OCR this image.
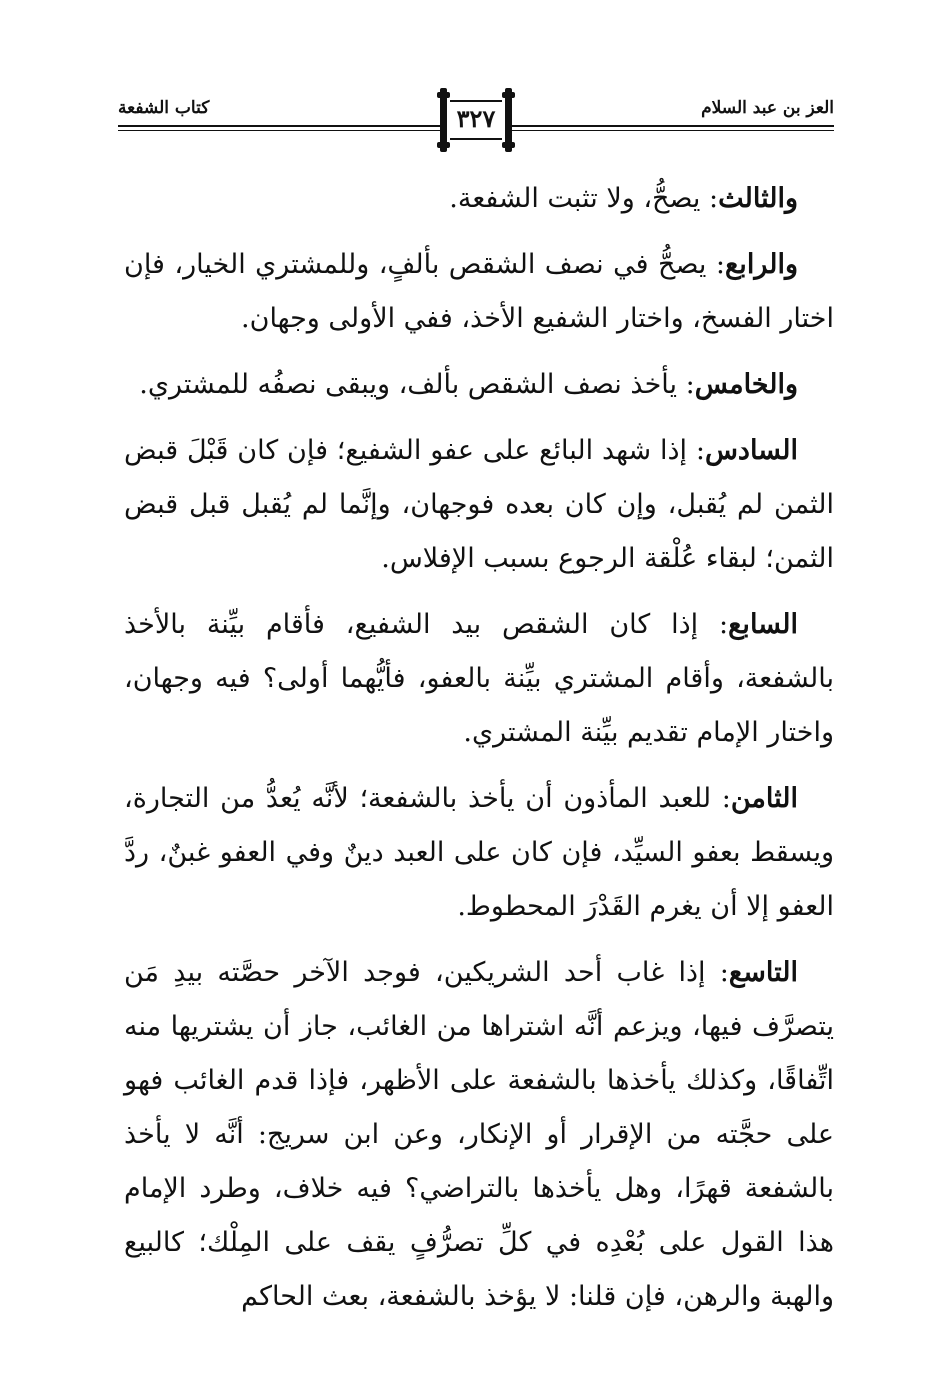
العز بن عبد السلام
كتاب الشفعة	٣٢٧

والثالث: يصحُّ، ولا تثبت الشفعة.

والرابع: يصحُّ في نصف الشقص بألفٍ، وللمشتري الخيار، فإن اختار الفسخ، واختار الشفيع الأخذ، ففي الأولى وجهان.

والخامس: يأخذ نصف الشقص بألف، ويبقى نصفُه للمشتري.

السادس: إذا شهد البائع على عفو الشفيع؛ فإن كان قَبْلَ قبض الثمن لم يُقبل، وإن كان بعده فوجهان، وإنَّما لم يُقبل قبل قبض الثمن؛ لبقاء عُلْقة الرجوع بسبب الإفلاس.

السابع: إذا كان الشقص بيد الشفيع، فأقام بيِّنة بالأخذ بالشفعة، وأقام المشتري بيِّنة بالعفو، فأيُّهما أولى؟ فيه وجهان، واختار الإمام تقديم بيِّنة المشتري.

الثامن: للعبد المأذون أن يأخذ بالشفعة؛ لأنَّه يُعدُّ من التجارة، ويسقط بعفو السيِّد، فإن كان على العبد دينٌ وفي العفو غبنٌ، ردَّ العفو إلا أن يغرم القَدْرَ المحطوط.

التاسع: إذا غاب أحد الشريكين، فوجد الآخر حصَّته بيدِ مَن يتصرَّف فيها، ويزعم أنَّه اشتراها من الغائب، جاز أن يشتريها منه اتِّفاقًا، وكذلك يأخذها بالشفعة على الأظهر، فإذا قدم الغائب فهو على حجَّته من الإقرار أو الإنكار، وعن ابن سريج: أنَّه لا يأخذ بالشفعة قهرًا، وهل يأخذها بالتراضي؟ فيه خلاف، وطرد الإمام هذا القول على بُعْدِه في كلِّ تصرُّفٍ يقف على المِلْك؛ كالبيع والهبة والرهن، فإن قلنا: لا يؤخذ بالشفعة، بعث الحاكم
